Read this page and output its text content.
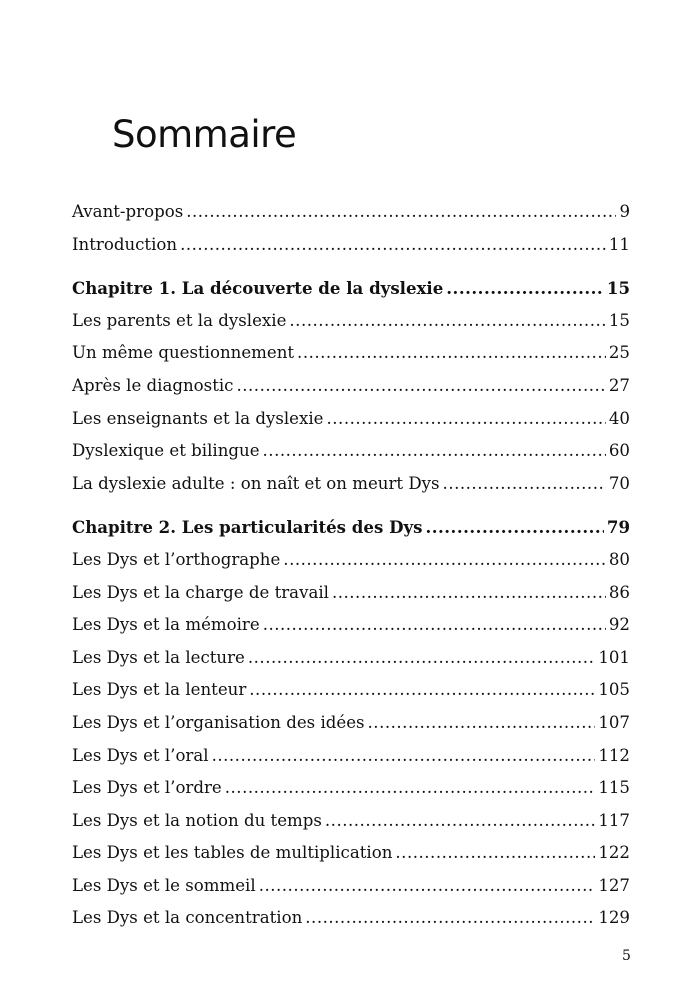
Sommaire
Avant-propos .....	9
Introduction .....	11
Chapitre 1. La découverte de la dyslexie .....	15
Les parents et la dyslexie .....	15
Un même questionnement .....	25
Après le diagnostic .....	27
Les enseignants et la dyslexie .....	40
Dyslexique et bilingue .....	60
La dyslexie adulte : on naît et on meurt Dys .....	70
Chapitre 2. Les particularités des Dys .....	79
Les Dys et l’orthographe .....	80
Les Dys et la charge de travail .....	86
Les Dys et la mémoire .....	92
Les Dys et la lecture .....	101
Les Dys et la lenteur .....	105
Les Dys et l’organisation des idées .....	107
Les Dys et l’oral .....	112
Les Dys et l’ordre .....	115
Les Dys et la notion du temps .....	117
Les Dys et les tables de multiplication .....	122
Les Dys et le sommeil .....	127
Les Dys et la concentration .....	129
5
